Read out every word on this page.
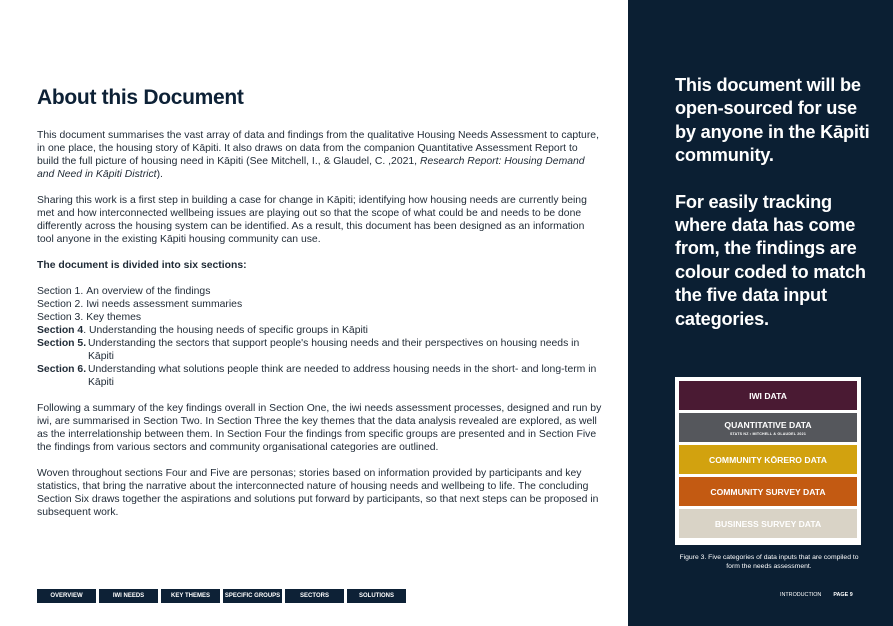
About this Document

This document summarises the vast array of data and findings from the qualitative Housing Needs Assessment to capture, in one place, the housing story of Kāpiti. It also draws on data from the companion Quantitative Assessment Report to build the full picture of housing need in Kāpiti (See Mitchell, I., & Glaudel, C. ,2021, Research Report: Housing Demand and Need in Kāpiti District).

Sharing this work is a first step in building a case for change in Kāpiti; identifying how housing needs are currently being met and how interconnected wellbeing issues are playing out so that the scope of what could be and needs to be done differently across the housing system can be identified. As a result, this document has been designed as an information tool anyone in the existing Kāpiti housing community can use.

The document is divided into six sections:

Section 1. An overview of the findings
Section 2. Iwi needs assessment summaries
Section 3. Key themes
Section 4 . Understanding the housing needs of specific groups in Kāpiti
Section 5. Understanding the sectors that support people's housing needs and their perspectives on housing needs in Kāpiti
Section 6. Understanding what solutions people think are needed to address housing needs in the short- and long-term in Kāpiti

Following a summary of the key findings overall in Section One, the iwi needs assessment processes, designed and run by iwi, are summarised in Section Two. In Section Three the key themes that the data analysis revealed are explored, as well as the interrelationship between them. In Section Four the findings from specific groups are presented and in Section Five the findings from various sectors and community organisational categories are outlined.

Woven throughout sections Four and Five are personas; stories based on information provided by participants and key statistics, that bring the narrative about the interconnected nature of housing needs and wellbeing to life. The concluding Section Six draws together the aspirations and solutions put forward by participants, so that next steps can be proposed in subsequent work.

OVERVIEW	IWI NEEDS	KEY THEMES	SPECIFIC GROUPS	SECTORS	SOLUTIONS

This document will be open-sourced for use by anyone in the Kāpiti community.

For easily tracking where data has come from, the findings are colour coded to match the five data input categories.

IWI DATA
QUANTITATIVE DATA
STATS NZ • MITCHELL & GLAUDEL 2021
COMMUNITY KŌRERO DATA
COMMUNITY SURVEY DATA
BUSINESS SURVEY DATA
Figure 3. Five categories of data inputs that are compiled to form the needs assessment.
INTRODUCTION PAGE 9
